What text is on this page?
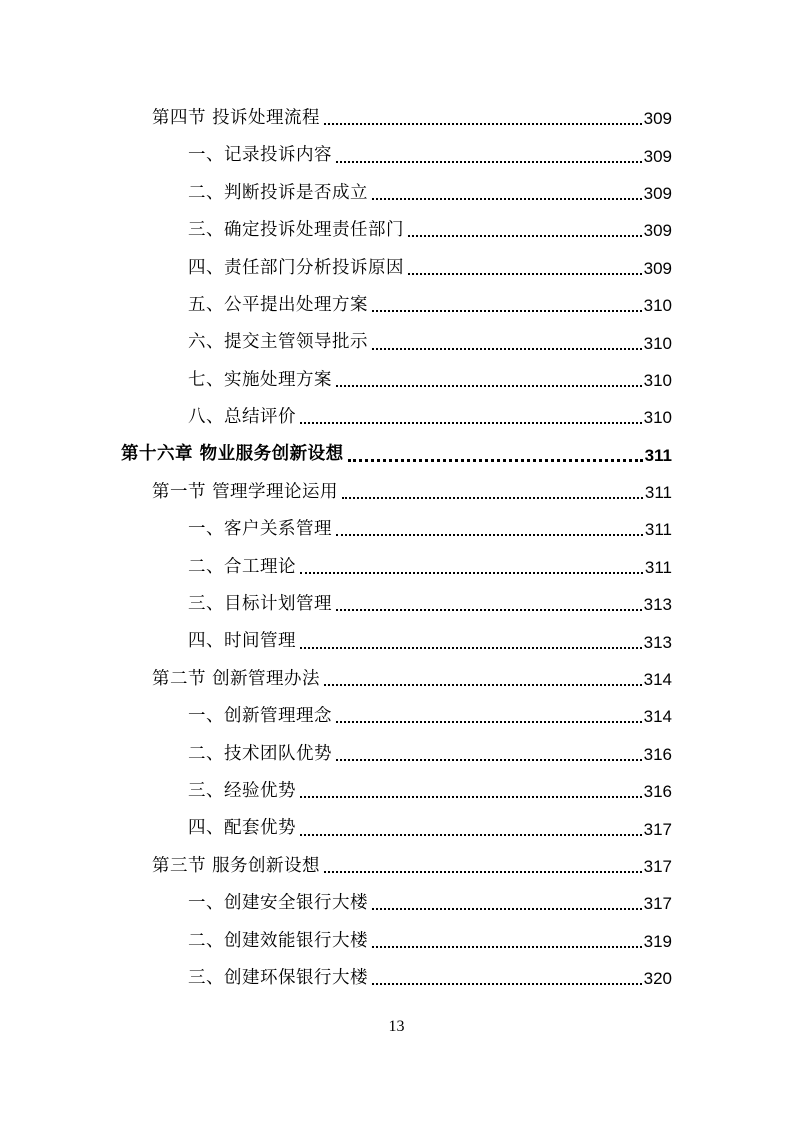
第四节 投诉处理流程	309
一、记录投诉内容	309
二、判断投诉是否成立	309
三、确定投诉处理责任部门	309
四、责任部门分析投诉原因	309
五、公平提出处理方案	310
六、提交主管领导批示	310
七、实施处理方案	310
八、总结评价	310
第十六章 物业服务创新设想	311
第一节 管理学理论运用	311
一、客户关系管理	311
二、合工理论	311
三、目标计划管理	313
四、时间管理	313
第二节 创新管理办法	314
一、创新管理理念	314
二、技术团队优势	316
三、经验优势	316
四、配套优势	317
第三节 服务创新设想	317
一、创建安全银行大楼	317
二、创建效能银行大楼	319
三、创建环保银行大楼	320
13
